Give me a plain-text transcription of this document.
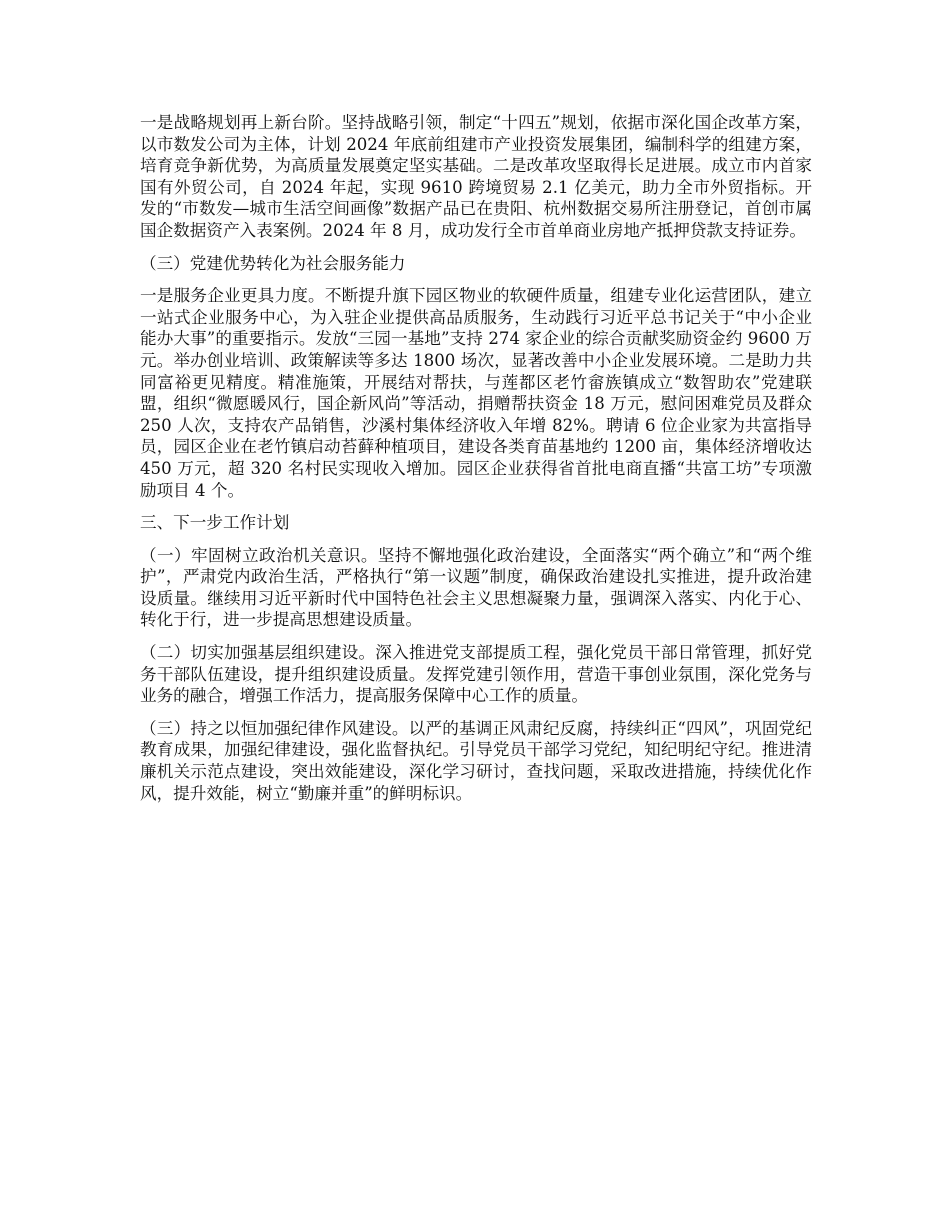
一是战略规划再上新台阶。坚持战略引领，制定“十四五”规划，依据市深化国企改革方案，以市数发公司为主体，计划 2024 年底前组建市产业投资发展集团，编制科学的组建方案，培育竞争新优势，为高质量发展奠定坚实基础。二是改革攻坚取得长足进展。成立市内首家国有外贸公司，自 2024 年起，实现 9610 跨境贸易 2.1 亿美元，助力全市外贸指标。开发的“市数发—城市生活空间画像”数据产品已在贵阳、杭州数据交易所注册登记，首创市属国企数据资产入表案例。2024 年 8 月，成功发行全市首单商业房地产抵押贷款支持证券。

（三）党建优势转化为社会服务能力

一是服务企业更具力度。不断提升旗下园区物业的软硬件质量，组建专业化运营团队，建立一站式企业服务中心，为入驻企业提供高品质服务，生动践行习近平总书记关于“中小企业能办大事”的重要指示。发放“三园一基地”支持 274 家企业的综合贡献奖励资金约 9600 万元。举办创业培训、政策解读等多达 1800 场次，显著改善中小企业发展环境。二是助力共同富裕更见精度。精准施策，开展结对帮扶，与莲都区老竹畲族镇成立“数智助农”党建联盟，组织“微愿暖风行，国企新风尚”等活动，捐赠帮扶资金 18 万元，慰问困难党员及群众 250 人次，支持农产品销售，沙溪村集体经济收入年增 82%。聘请 6 位企业家为共富指导员，园区企业在老竹镇启动苔藓种植项目，建设各类育苗基地约 1200 亩，集体经济增收达 450 万元，超 320 名村民实现收入增加。园区企业获得省首批电商直播“共富工坊”专项激励项目 4 个。

三、下一步工作计划

（一）牢固树立政治机关意识。坚持不懈地强化政治建设，全面落实“两个确立”和“两个维护”，严肃党内政治生活，严格执行“第一议题”制度，确保政治建设扎实推进，提升政治建设质量。继续用习近平新时代中国特色社会主义思想凝聚力量，强调深入落实、内化于心、转化于行，进一步提高思想建设质量。

（二）切实加强基层组织建设。深入推进党支部提质工程，强化党员干部日常管理，抓好党务干部队伍建设，提升组织建设质量。发挥党建引领作用，营造干事创业氛围，深化党务与业务的融合，增强工作活力，提高服务保障中心工作的质量。

（三）持之以恒加强纪律作风建设。以严的基调正风肃纪反腐，持续纠正“四风”，巩固党纪教育成果，加强纪律建设，强化监督执纪。引导党员干部学习党纪，知纪明纪守纪。推进清廉机关示范点建设，突出效能建设，深化学习研讨，查找问题，采取改进措施，持续优化作风，提升效能，树立“勤廉并重”的鲜明标识。
